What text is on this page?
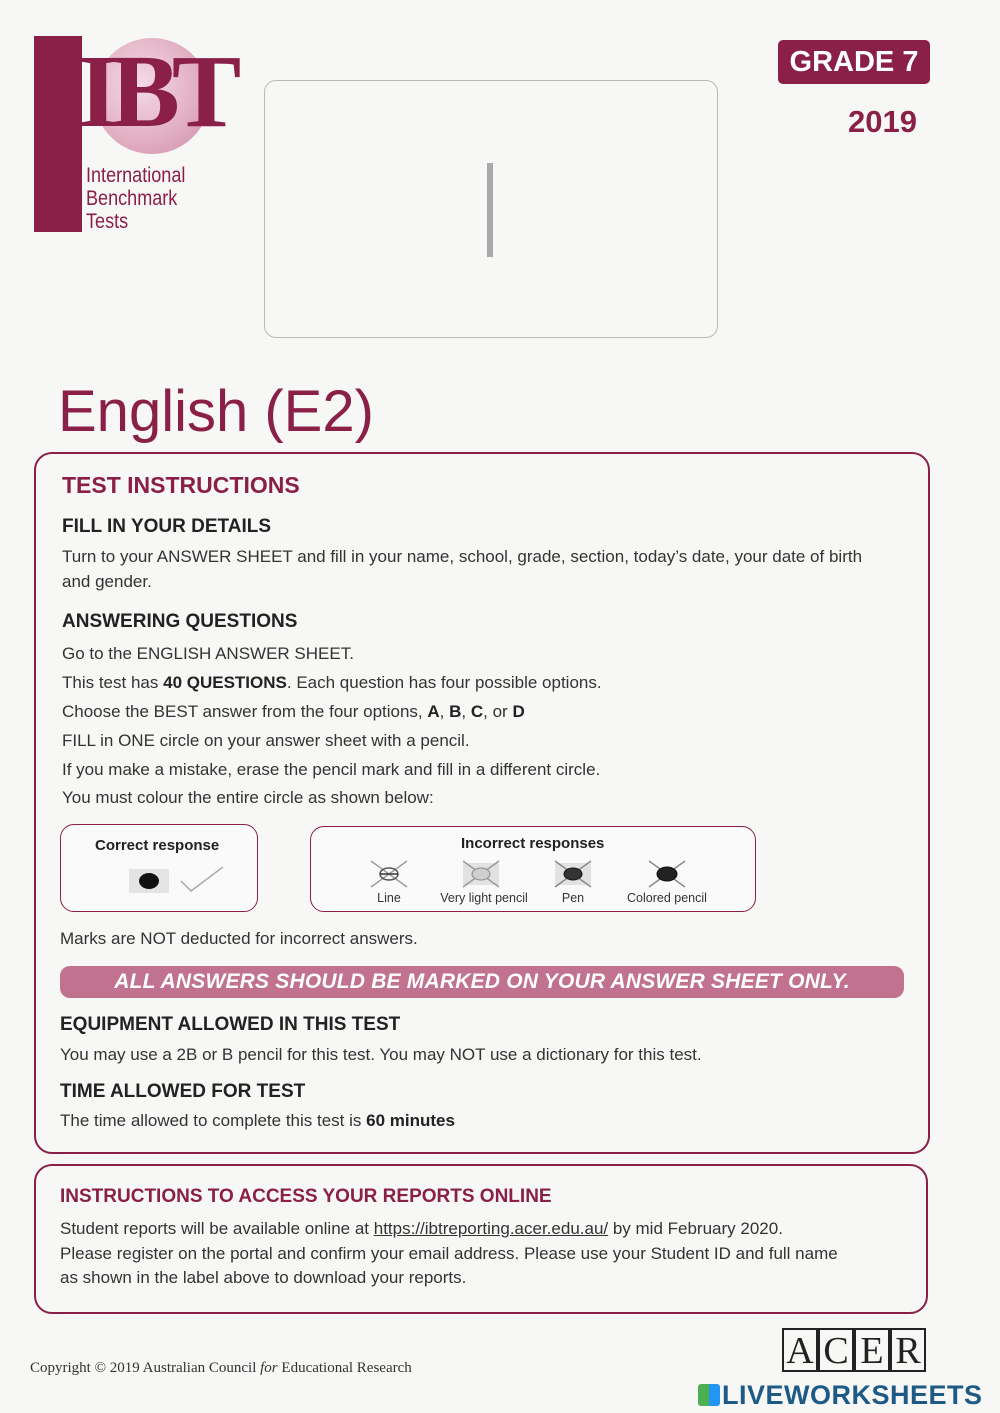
IBT
International
Benchmark
Tests
GRADE 7
2019
English (E2)
TEST INSTRUCTIONS
FILL IN YOUR DETAILS
Turn to your ANSWER SHEET and fill in your name, school, grade, section, today’s date, your date of birth and gender.
ANSWERING QUESTIONS
Go to the ENGLISH ANSWER SHEET.
This test has 40 QUESTIONS. Each question has four possible options.
Choose the BEST answer from the four options, A, B, C, or D
FILL in ONE circle on your answer sheet with a pencil.
If you make a mistake, erase the pencil mark and fill in a different circle.
You must colour the entire circle as shown below:
Correct response	Incorrect responses
Line	Very light pencil	Pen	Colored pencil
Marks are NOT deducted for incorrect answers.
ALL ANSWERS SHOULD BE MARKED ON YOUR ANSWER SHEET ONLY.
EQUIPMENT ALLOWED IN THIS TEST
You may use a 2B or B pencil for this test. You may NOT use a dictionary for this test.
TIME ALLOWED FOR TEST
The time allowed to complete this test is 60 minutes
INSTRUCTIONS TO ACCESS YOUR REPORTS ONLINE
Student reports will be available online at https://ibtreporting.acer.edu.au/ by mid February 2020.
Please register on the portal and confirm your email address. Please use your Student ID and full name
as shown in the label above to download your reports.
Copyright © 2019 Australian Council for Educational Research	A C E R
LIVEWORKSHEETS
